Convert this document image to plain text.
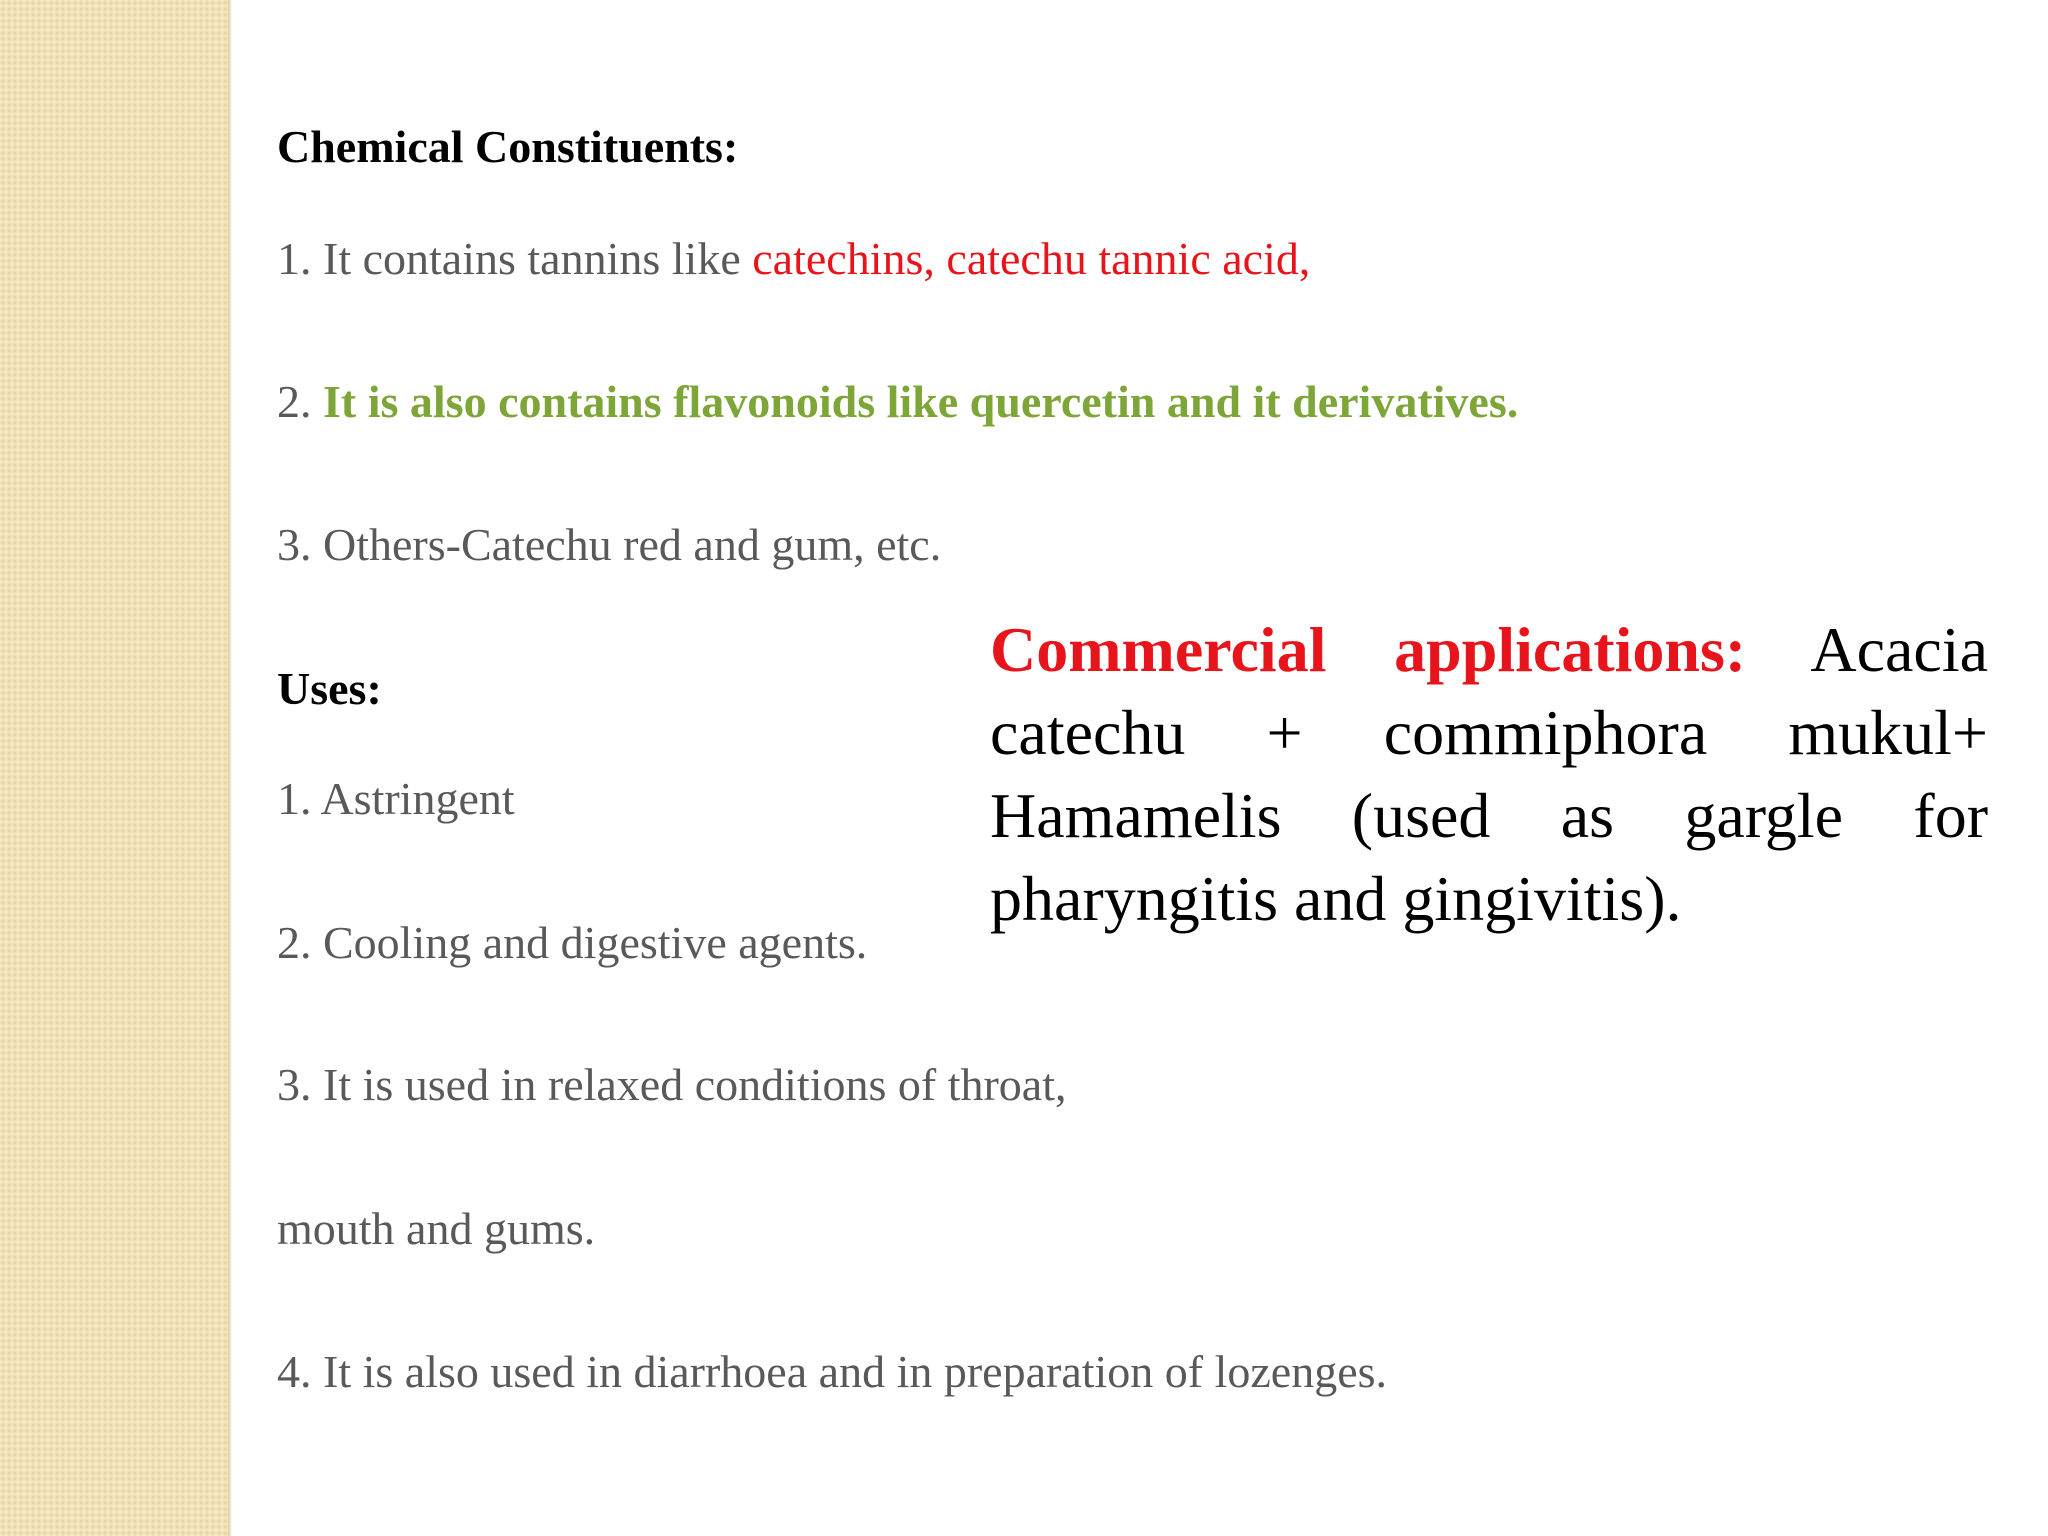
Chemical Constituents:
1. It contains tannins like catechins, catechu tannic acid,
2. It is also contains flavonoids like quercetin and it derivatives.
3. Others-Catechu red and gum, etc.
Uses:
1. Astringent
2. Cooling and digestive agents.
3. It is used in relaxed conditions of throat,
mouth and gums.
4. It is also used in diarrhoea and in preparation of lozenges.
Commercial applications: Acacia catechu + commiphora mukul+ Hamamelis (used as gargle for pharyngitis and gingivitis).
